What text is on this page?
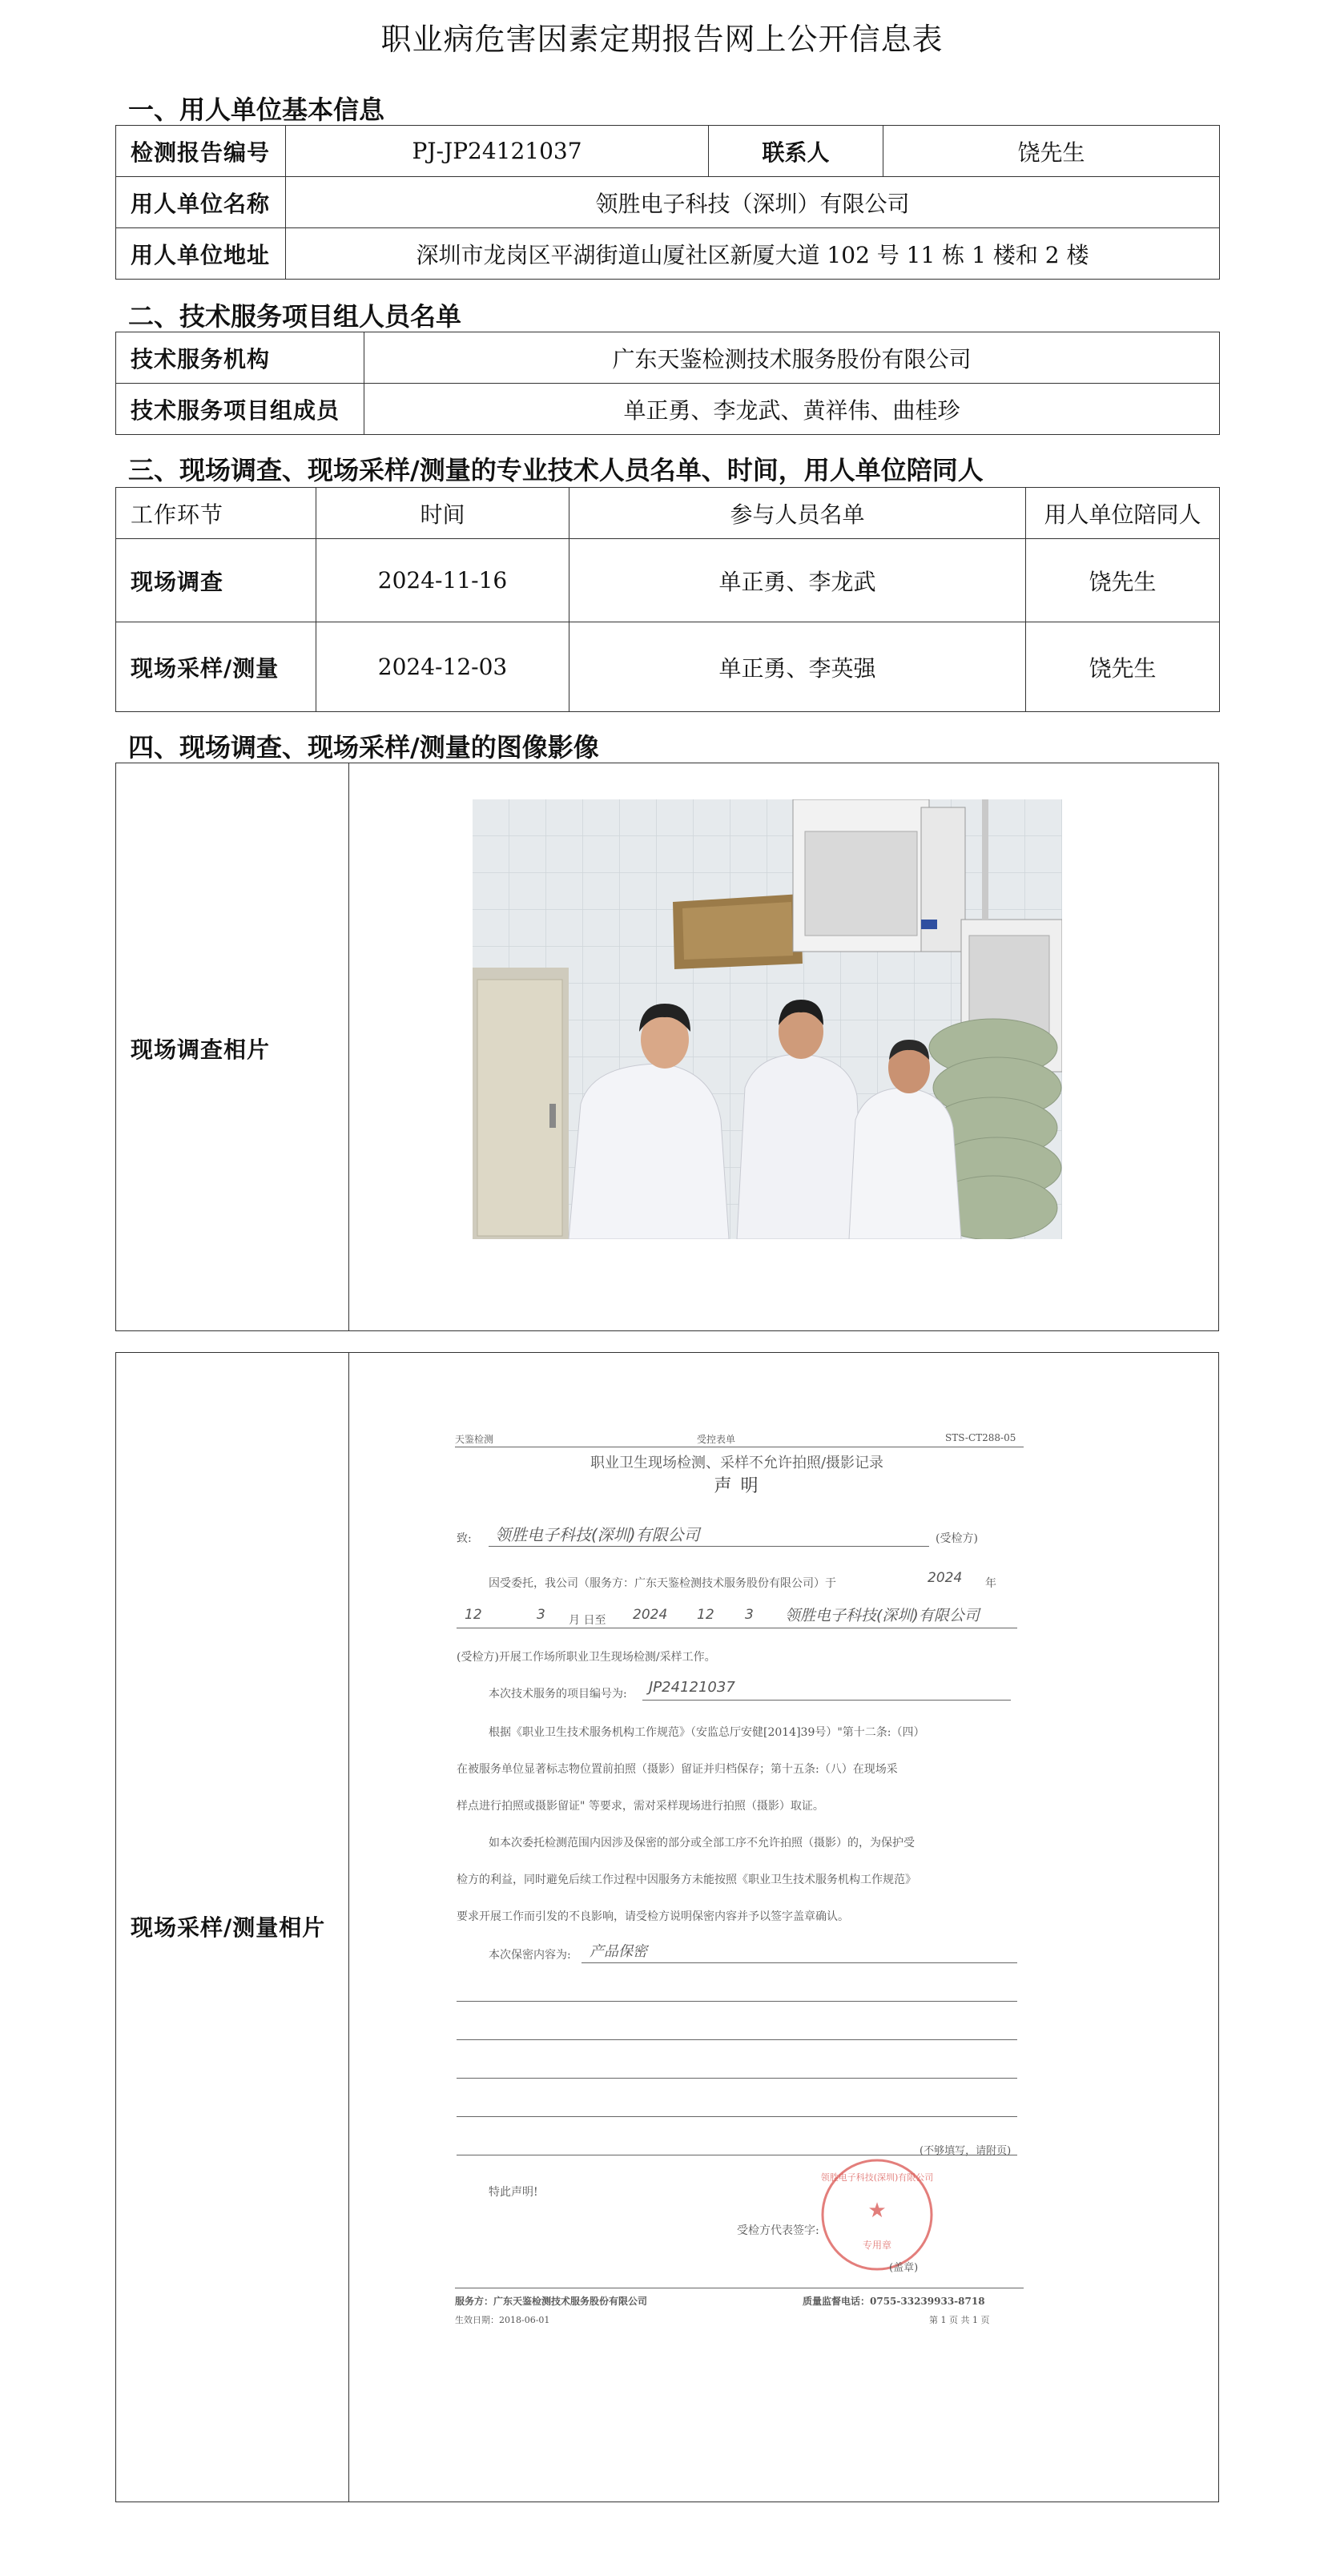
职业病危害因素定期报告网上公开信息表
一、用人单位基本信息
检测报告编号	PJ-JP24121037	联系人	饶先生
用人单位名称	领胜电子科技（深圳）有限公司		
用人单位地址	深圳市龙岗区平湖街道山厦社区新厦大道 102 号 11 栋 1 楼和 2 楼		
二、技术服务项目组人员名单
技术服务机构	广东天鉴检测技术服务股份有限公司
技术服务项目组成员	单正勇、李龙武、黄祥伟、曲桂珍
三、现场调查、现场采样/测量的专业技术人员名单、时间，用人单位陪同人
工作环节	时间	参与人员名单	用人单位陪同人
现场调查	2024-11-16	单正勇、李龙武	饶先生
现场采样/测量	2024-12-03	单正勇、李英强	饶先生
四、现场调查、现场采样/测量的图像影像
现场调查相片
现场采样/测量相片
天鉴检测	受控表单	STS-CT288-05
职业卫生现场检测、采样不允许拍照/摄影记录
声 明
致: 领胜电子科技(深圳)有限公司	(受检方)
因受委托，我公司（服务方：广东天鉴检测技术服务股份有限公司）于	2024 年
12	3 月 日至 2024 12 3 领胜电子科技(深圳)有限公司
(受检方)开展工作场所职业卫生现场检测/采样工作。
本次技术服务的项目编号为: JP24121037
根据《职业卫生技术服务机构工作规范》（安监总厅安健[2014]39号）"第十二条:（四）
在被服务单位显著标志物位置前拍照（摄影）留证并归档保存；第十五条:（八）在现场采
样点进行拍照或摄影留证" 等要求，需对采样现场进行拍照（摄影）取证。
如本次委托检测范围内因涉及保密的部分或全部工序不允许拍照（摄影）的，为保护受
检方的利益，同时避免后续工作过程中因服务方未能按照《职业卫生技术服务机构工作规范》
要求开展工作而引发的不良影响，请受检方说明保密内容并予以签字盖章确认。
本次保密内容为: 产品保密
(不够填写，请附页)
特此声明!
受检方代表签字:
★
领胜电子科技(深圳)有限公司
专用章
(盖章)
服务方：广东天鉴检测技术服务股份有限公司	质量监督电话：0755-33239933-8718
生效日期：2018-06-01	第 1 页 共 1 页
